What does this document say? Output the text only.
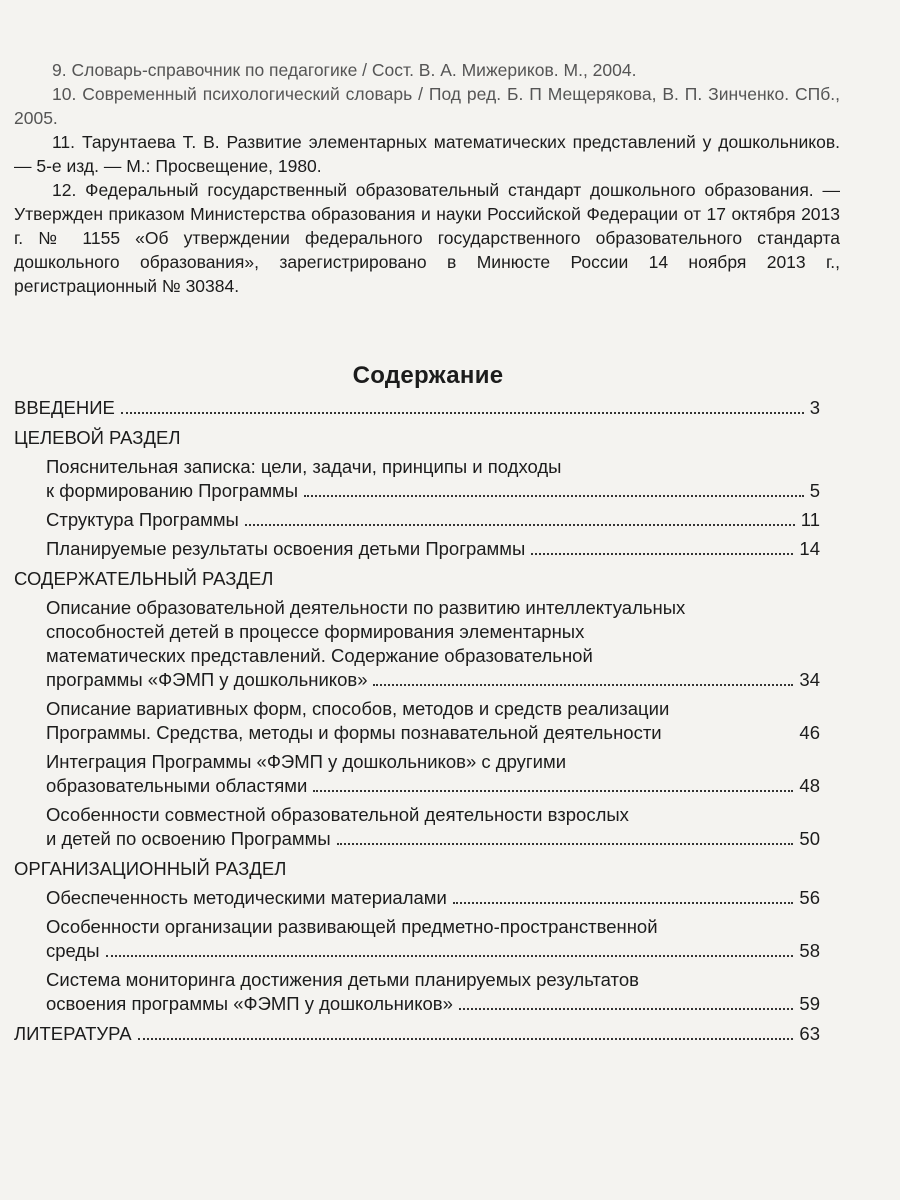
9. Словарь-справочник по педагогике / Сост. В. А. Мижериков. М., 2004.

10. Современный психологический словарь / Под ред. Б. П Мещерякова, В. П. Зинченко. СПб., 2005.

11. Тарунтаева Т. В. Развитие элементарных математических представлений у дошкольников. — 5-е изд. — М.: Просвещение, 1980.

12. Федеральный государственный образовательный стандарт дошкольного образования. — Утвержден приказом Министерства образования и науки Российской Федерации от 17 октября 2013 г. № 1155 «Об утверждении федерального государственного образовательного стандарта дошкольного образования», зарегистрировано в Минюсте России 14 ноября 2013 г., регистрационный № 30384.

Содержание
ВВЕДЕНИЕ	3
ЦЕЛЕВОЙ РАЗДЕЛ
Пояснительная записка: цели, задачи, принципы и подходы
к формированию Программы	5
Структура Программы	11
Планируемые результаты освоения детьми Программы	14
СОДЕРЖАТЕЛЬНЫЙ РАЗДЕЛ
Описание образовательной деятельности по развитию интеллектуальных
способностей детей в процессе формирования элементарных
математических представлений. Содержание образовательной
программы «ФЭМП у дошкольников»	34
Описание вариативных форм, способов, методов и средств реализации
Программы. Средства, методы и формы познавательной деятельности	46
Интеграция Программы «ФЭМП у дошкольников» с другими
образовательными областями	48
Особенности совместной образовательной деятельности взрослых
и детей по освоению Программы	50
ОРГАНИЗАЦИОННЫЙ РАЗДЕЛ
Обеспеченность методическими материалами	56
Особенности организации развивающей предметно-пространственной
среды	58
Система мониторинга достижения детьми планируемых результатов
освоения программы «ФЭМП у дошкольников»	59
ЛИТЕРАТУРА	63
